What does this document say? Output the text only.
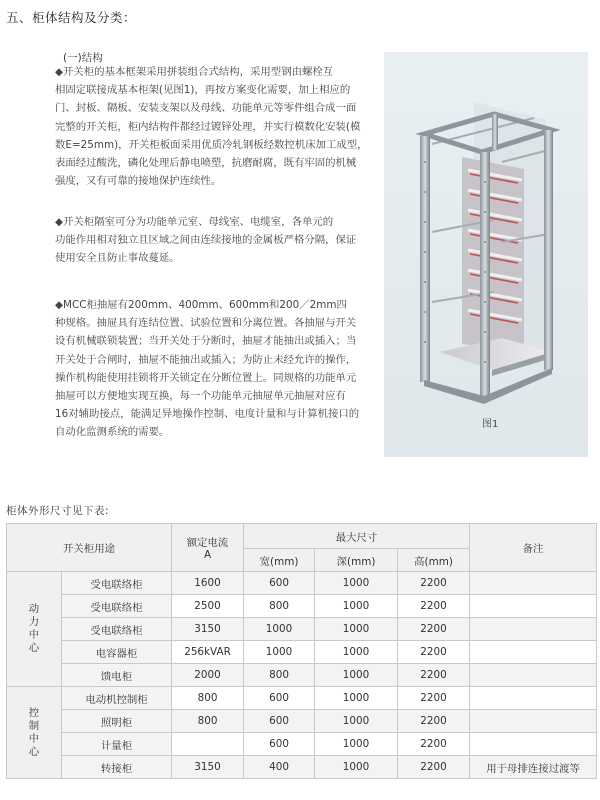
五、柜体结构及分类：
(一)结构

◆开关柜的基本框架采用拼装组合式结构，采用型钢由螺栓互
相固定联接成基本柜架(见图1)，再按方案变化需要，加上相应的
门、封板、隔板、安装支架以及母线、功能单元等零件组合成一面
完整的开关柜，柜内结构件都经过镀锌处理，并实行模数化安装(模
数E=25mm)，开关柜板面采用优质冷轧钢板经数控机床加工成型，
表面经过酸洗，磷化处理后静电喷塑，抗磨耐腐，既有牢固的机械
强度，又有可靠的接地保护连续性。

◆开关柜隔室可分为功能单元室、母线室、电缆室，各单元的
功能作用相对独立且区域之间由连续接地的金属板严格分隔，保证
使用安全且防止事故蔓延。

◆MCC柜抽屉有200mm、400mm、600mm和200／2mm四
种规格。抽屉具有连结位置、试验位置和分离位置。各抽屉与开关
设有机械联锁装置；当开关处于分断时，抽屉才能抽出或插入；当
开关处于合闸时，抽屉不能抽出或插入；为防止未经允许的操作，
操作机构能使用挂锁将开关锁定在分断位置上。同规格的功能单元
抽屉可以方便地实现互换，每一个功能单元抽屉单元抽屉对应有
16对辅助接点，能满足异地操作控制、电度计量和与计算机接口的
自动化监测系统的需要。

图1
柜体外形尺寸见下表:
开关柜用途		额定电流
A	最大尺寸			备注
			宽(mm)	深(mm)	高(mm)	

动
力
中
心	受电联络柜	1600	600	1000	2200	
	受电联络柜	2500	800	1000	2200	
	受电联络柜	3150	1000	1000	2200	
	电容器柜	256kVAR	1000	1000	2200	
	馈电柜	2000	800	1000	2200	

控
制
中
心	电动机控制柜	800	600	1000	2200	
	照明柜	800	600	1000	2200	
	计量柜		600	1000	2200	
	转接柜	3150	400	1000	2200	用于母排连接过渡等
